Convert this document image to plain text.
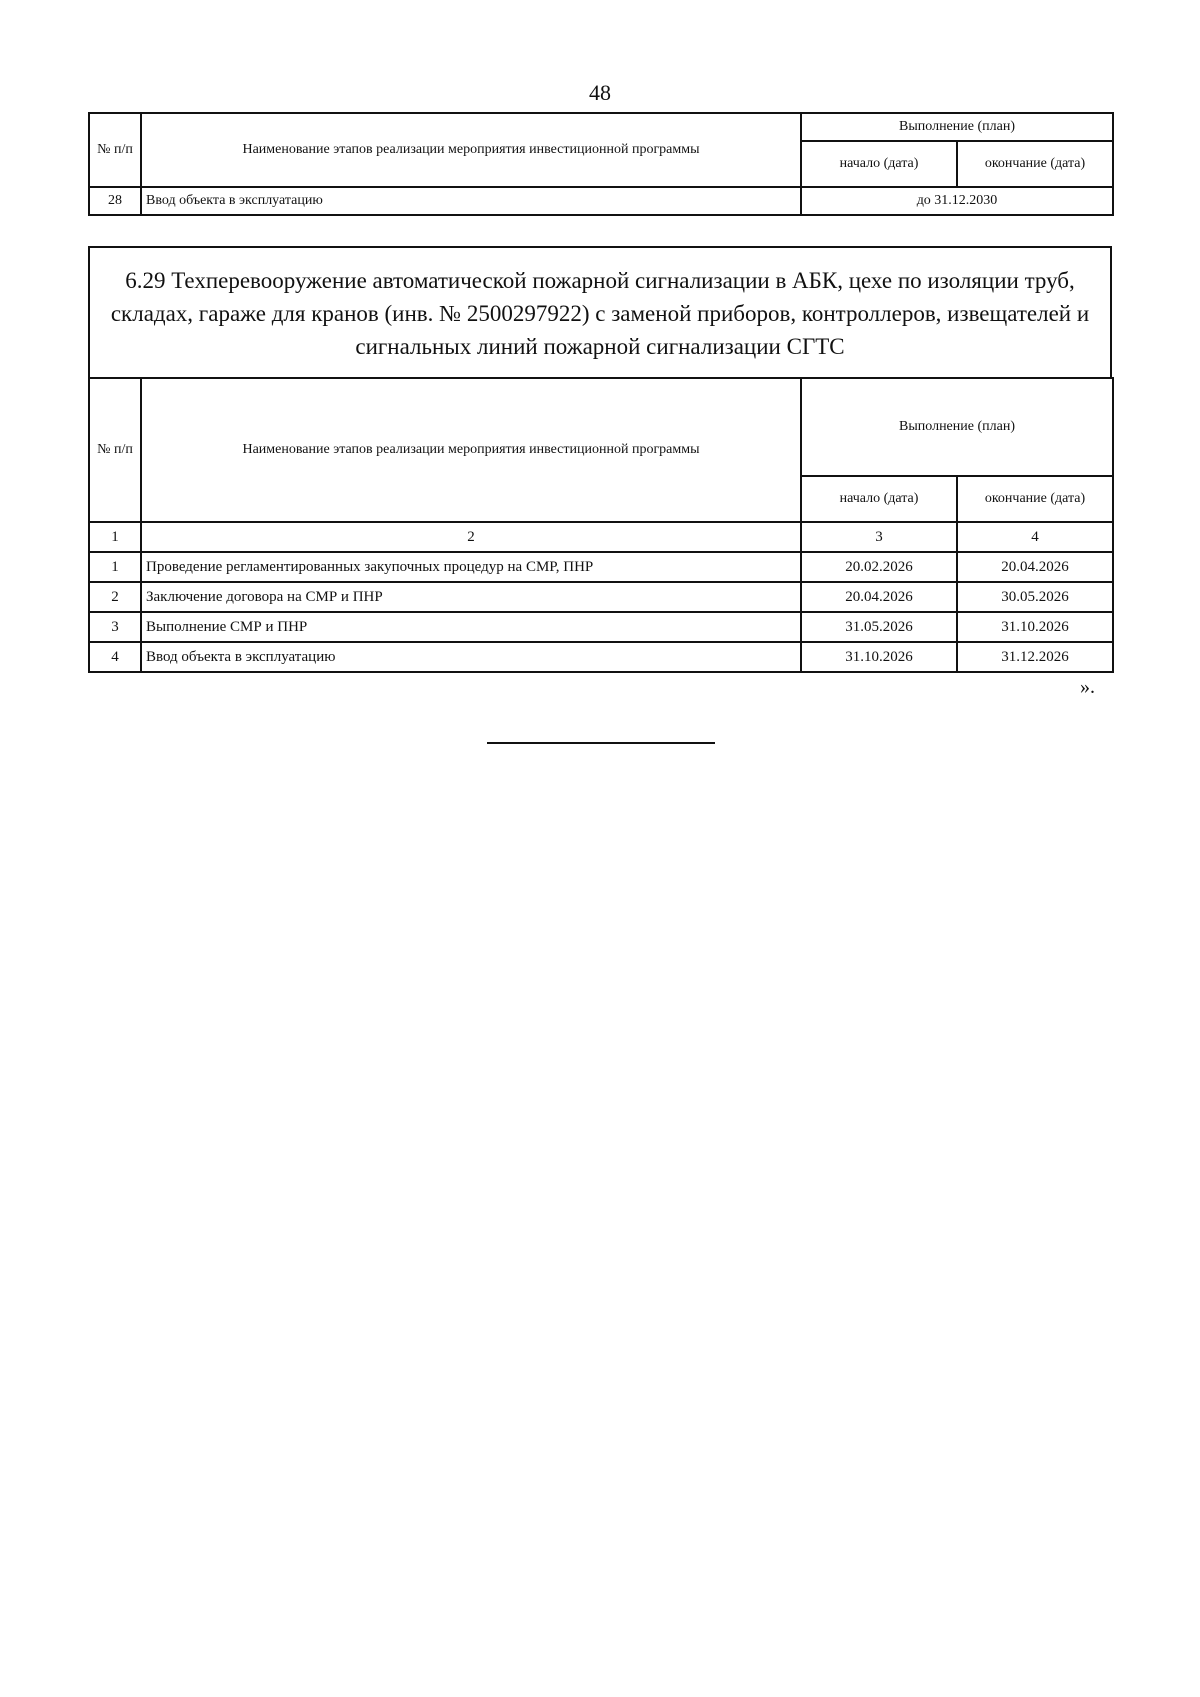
48
№ п/п	Наименование этапов реализации мероприятия инвестиционной программы	Выполнение (план)	
		начало (дата)	окончание (дата)
28	Ввод объекта в эксплуатацию	до 31.12.2030	
6.29 Техперевооружение автоматической пожарной сигнализации в АБК, цехе по изоляции труб, складах, гараже для кранов (инв. № 2500297922) с заменой приборов, контроллеров, извещателей и сигнальных линий пожарной сигнализации СГТС
№ п/п	Наименование этапов реализации мероприятия инвестиционной программы	Выполнение (план)	
		начало (дата)	окончание (дата)
1	2	3	4
1	Проведение регламентированных закупочных процедур на СМР, ПНР	20.02.2026	20.04.2026
2	Заключение договора на СМР и ПНР	20.04.2026	30.05.2026
3	Выполнение СМР и ПНР	31.05.2026	31.10.2026
4	Ввод объекта в эксплуатацию	31.10.2026	31.12.2026
».
